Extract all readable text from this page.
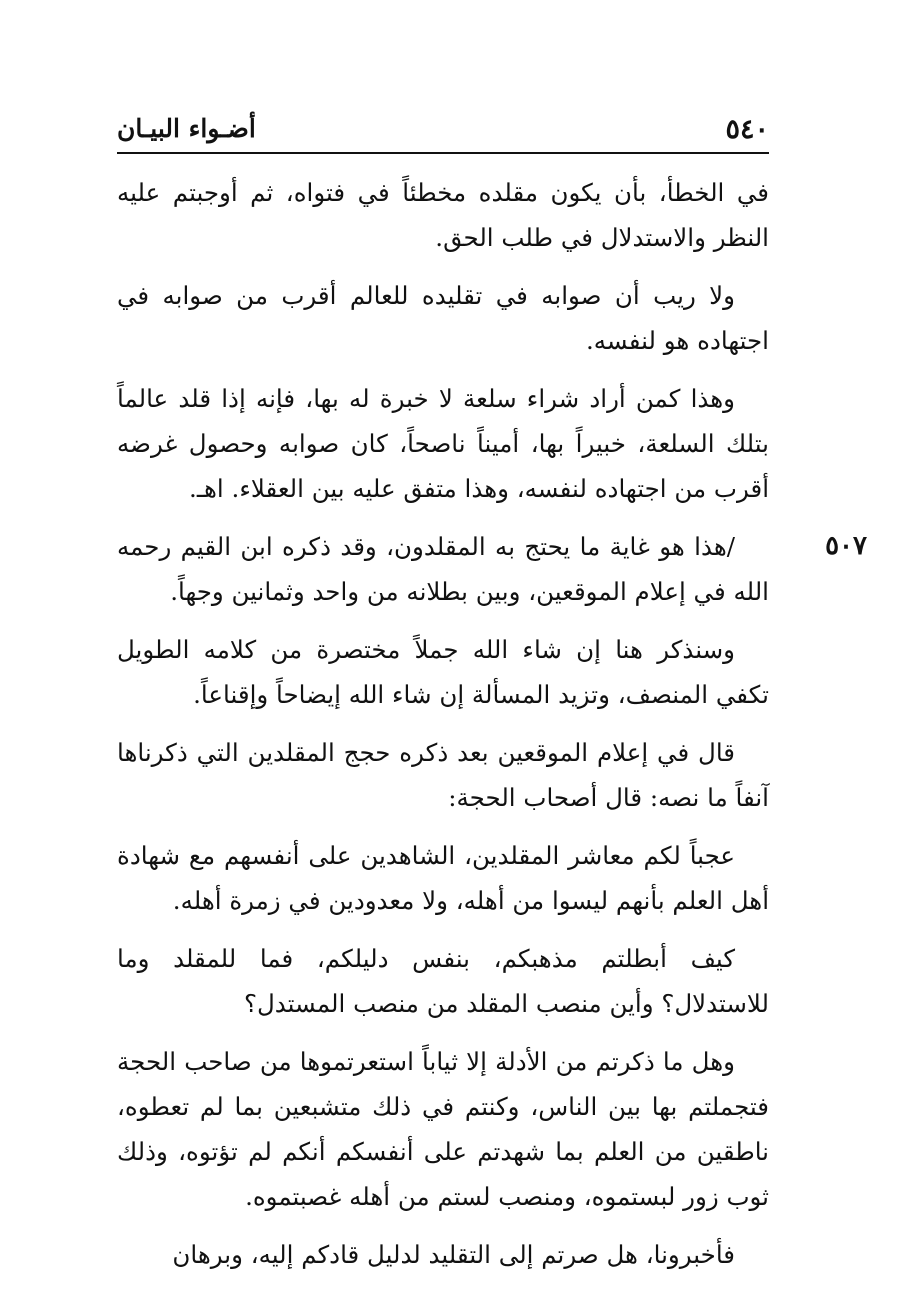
٥٤٠
أضـواء البيـان

في الخطأ، بأن يكون مقلده مخطئاً في فتواه، ثم أوجبتم عليه النظر والاستدلال في طلب الحق.

ولا ريب أن صوابه في تقليده للعالم أقرب من صوابه في اجتهاده هو لنفسه.

وهذا كمن أراد شراء سلعة لا خبرة له بها، فإنه إذا قلد عالماً بتلك السلعة، خبيراً بها، أميناً ناصحاً، كان صوابه وحصول غرضه أقرب من اجتهاده لنفسه، وهذا متفق عليه بين العقلاء. اهـ.

٥٠٧
/هذا هو غاية ما يحتج به المقلدون، وقد ذكره ابن القيم رحمه الله في إعلام الموقعين، وبين بطلانه من واحد وثمانين وجهاً.

وسنذكر هنا إن شاء الله جملاً مختصرة من كلامه الطويل تكفي المنصف، وتزيد المسألة إن شاء الله إيضاحاً وإقناعاً.

قال في إعلام الموقعين بعد ذكره حجج المقلدين التي ذكرناها آنفاً ما نصه: قال أصحاب الحجة:

عجباً لكم معاشر المقلدين، الشاهدين على أنفسهم مع شهادة أهل العلم بأنهم ليسوا من أهله، ولا معدودين في زمرة أهله.

كيف أبطلتم مذهبكم، بنفس دليلكم، فما للمقلد وما للاستدلال؟ وأين منصب المقلد من منصب المستدل؟

وهل ما ذكرتم من الأدلة إلا ثياباً استعرتموها من صاحب الحجة فتجملتم بها بين الناس، وكنتم في ذلك متشبعين بما لم تعطوه، ناطقين من العلم بما شهدتم على أنفسكم أنكم لم تؤتوه، وذلك ثوب زور لبستموه، ومنصب لستم من أهله غصبتموه.

فأخبرونا، هل صرتم إلى التقليد لدليل قادكم إليه، وبرهان
